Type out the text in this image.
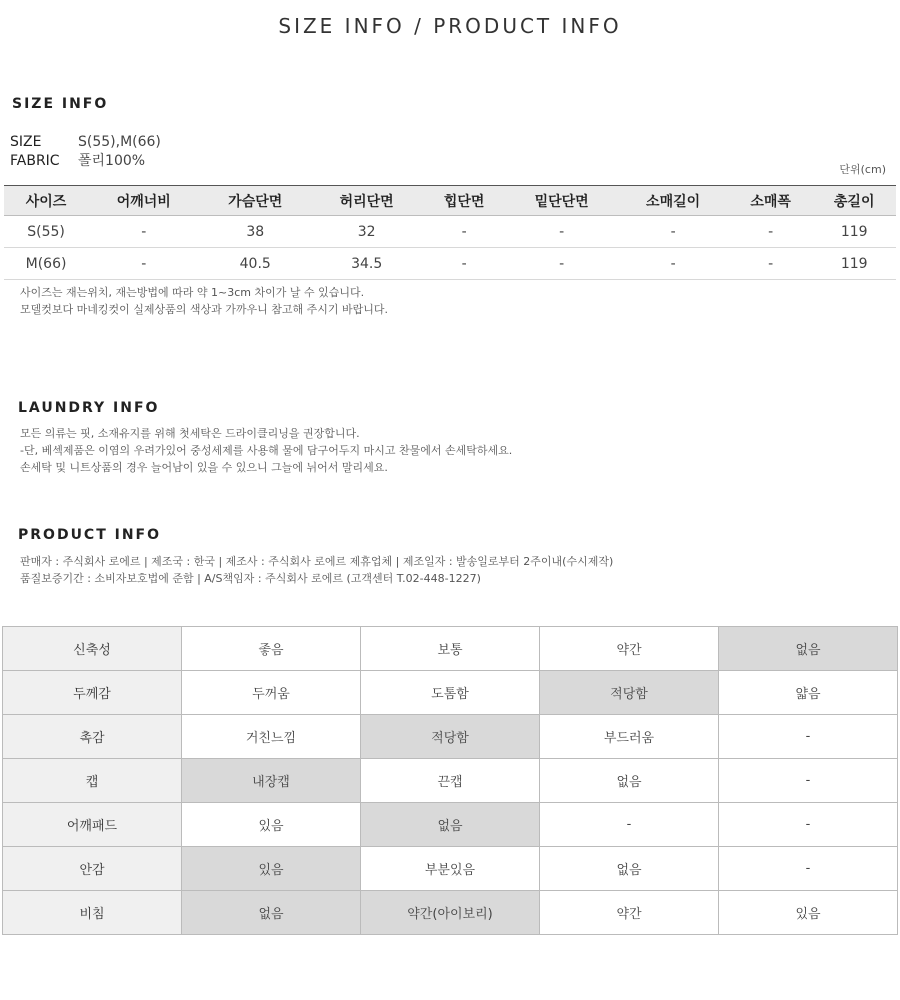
SIZE INFO / PRODUCT INFO
SIZE INFO
SIZE	S(55),M(66)
FABRIC 폴리100%
단위(cm)
사이즈	어깨너비	가슴단면	허리단면	힙단면	밑단단면	소매길이	소매폭	총길이
S(55)	-	38	32	-	-	-	-	119
M(66)	-	40.5	34.5	-	-	-	-	119

사이즈는 재는위치, 재는방법에 따라 약 1~3cm 차이가 날 수 있습니다.

모델컷보다 마네킹컷이 실제상품의 색상과 가까우니 참고해 주시기 바랍니다.

LAUNDRY INFO

모든 의류는 핏, 소재유지를 위해 첫세탁은 드라이클리닝을 권장합니다.

-단, 베섹제품은 이염의 우려가있어 중성세제를 사용해 물에 담구어두지 마시고 찬물에서 손세탁하세요.

손세탁 및 니트상품의 경우 늘어남이 있을 수 있으니 그늘에 뉘어서 말리세요.

PRODUCT INFO

판매자 : 주식회사 로에르 | 제조국 : 한국 | 제조사 : 주식회사 로에르 제휴업체 | 제조일자 : 발송일로부터 2주이내(수시제작)

품질보증기간 : 소비자보호법에 준함 | A/S책임자 : 주식회사 로에르 (고객센터 T.02-448-1227)

신축성	좋음	보통	약간	없음
두께감	두꺼움	도톰함	적당함	얇음
촉감	거친느낌	적당함	부드러움	-
캡	내장캡	끈캡	없음	-
어깨패드	있음	없음	-	-
안감	있음	부분있음	없음	-
비침	없음	약간(아이보리)	약간	있음
